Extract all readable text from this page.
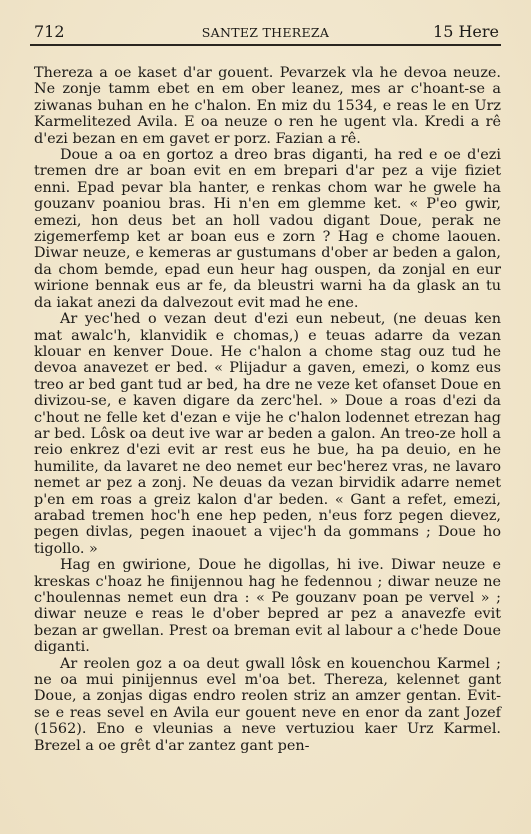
712	SANTEZ THEREZA	15 Here

Thereza a oe kaset d'ar gouent. Pevarzek vla he devoa neuze. Ne zonje tamm ebet en em ober leanez, mes ar c'hoant-se a ziwanas buhan en he c'halon. En miz du 1534, e reas le en Urz Karmelitezed Avila. E oa neuze o ren he ugent vla. Kredi a rê d'ezi bezan en em gavet er porz. Fazian a rê.

Doue a oa en gortoz a dreo bras diganti, ha red e oe d'ezi tremen dre ar boan evit en em brepari d'ar pez a vije fiziet enni. Epad pevar bla hanter, e renkas chom war he gwele ha gouzanv poaniou bras. Hi n'en em glemme ket. « P'eo gwir, emezi, hon deus bet an holl vadou digant Doue, perak ne zigemerfemp ket ar boan eus e zorn ? Hag e chome laouen. Diwar neuze, e kemeras ar gustumans d'ober ar beden a galon, da chom bemde, epad eun heur hag ouspen, da zonjal en eur wirione bennak eus ar fe, da bleustri warni ha da glask an tu da iakat anezi da dalvezout evit mad he ene.

Ar yec'hed o vezan deut d'ezi eun nebeut, (ne deuas ken mat awalc'h, klanvidik e chomas,) e teuas adarre da vezan klouar en kenver Doue. He c'halon a chome stag ouz tud he devoa anavezet er bed. « Plijadur a gaven, emezi, o komz eus treo ar bed gant tud ar bed, ha dre ne veze ket ofanset Doue en divizou-se, e kaven digare da zerc'hel. » Doue a roas d'ezi da c'hout ne felle ket d'ezan e vije he c'halon lodennet etrezan hag ar bed. Lôsk oa deut ive war ar beden a galon. An treo-ze holl a reio enkrez d'ezi evit ar rest eus he bue, ha pa deuio, en he humilite, da lavaret ne deo nemet eur bec'herez vras, ne lavaro nemet ar pez a zonj. Ne deuas da vezan birvidik adarre nemet p'en em roas a greiz kalon d'ar beden. « Gant a refet, emezi, arabad tremen hoc'h ene hep peden, n'eus forz pegen dievez, pegen divlas, pegen inaouet a vijec'h da gommans ; Doue ho tigollo. »

Hag en gwirione, Doue he digollas, hi ive. Diwar neuze e kreskas c'hoaz he finijennou hag he fedennou ; diwar neuze ne c'houlennas nemet eun dra : « Pe gouzanv poan pe vervel » ; diwar neuze e reas le d'ober bepred ar pez a anavezfe evit bezan ar gwellan. Prest oa breman evit al labour a c'hede Doue diganti.

Ar reolen goz a oa deut gwall lôsk en kouenchou Karmel ; ne oa mui pinijennus evel m'oa bet. Thereza, kelennet gant Doue, a zonjas digas endro reolen striz an amzer gentan. Evit-se e reas sevel en Avila eur gouent neve en enor da zant Jozef (1562). Eno e vleunias a neve vertuziou kaer Urz Karmel. Brezel a oe grêt d'ar zantez gant pen-
